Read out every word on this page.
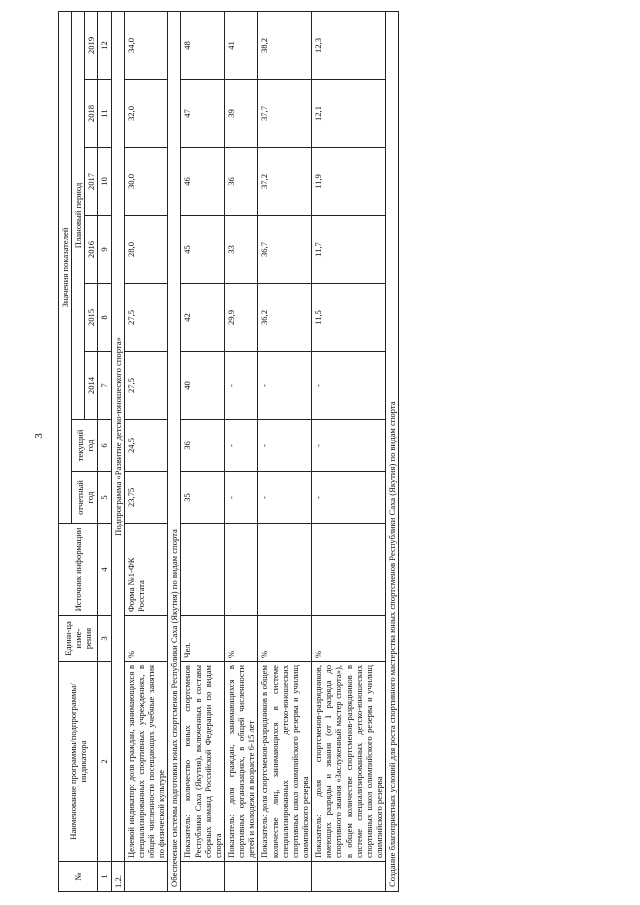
3
№	Наименование программы/подпрограммы/индикатора	Едини-ца изме-рения	Источник информации	Значения показателей							
				отчетный год	текущий год	Плановый период					
						2014	2015	2016	2017	2018	2019
1	2	3	4	5	6	7	8	9	10	11	12
1.2.	Подпрограмма «Развитие детско-юношеского спорта»										
	Целевой индикатор: доля граждан, занимающихся в специализированных спортивных учреждениях, в общей численности посещающих учебные занятия по физической культуре	%	Форма №1-ФК Росстата	23,75	24,5	27,5	27,5	28,0	30,0	32,0	34,0
Обеспечение системы подготовки юных спортсменов Республики Саха (Якутия) по видам спорта											
	Показатель: количество юных спортсменов Республики Саха (Якутия), включенных в составы сборных команд Российской Федерации по видам спорта	Чел.		35	36	40	42	45	46	47	48
	Показатель: доля граждан, занимающихся в спортивных организациях, в общей численности детей и молодежи в возрасте 6-15 лет	%		-	-	-	29,9	33	36	39	41
	Показатель: доля спортсменов-разрядников в общем количестве лиц, занимающихся в системе специализированных детско-юношеских спортивных школ олимпийского резерва и училищ олимпийского резерва	%		-	-	-	36,2	36,7	37,2	37,7	38,2
	Показатель: доля спортсменов-разрядников, имеющих разряды и звания (от I разряда до спортивного звания «Заслуженный мастер спорта»), в общем количестве спортсменов-разрядников в системе специализированных детско-юношеских спортивных школ олимпийского резерва и училищ олимпийского резерва	%		-	-	-	11,5	11,7	11,9	12,1	12,3
Создание благоприятных условий для роста спортивного мастерства юных спортсменов Республики Саха (Якутия) по видам спорта											
